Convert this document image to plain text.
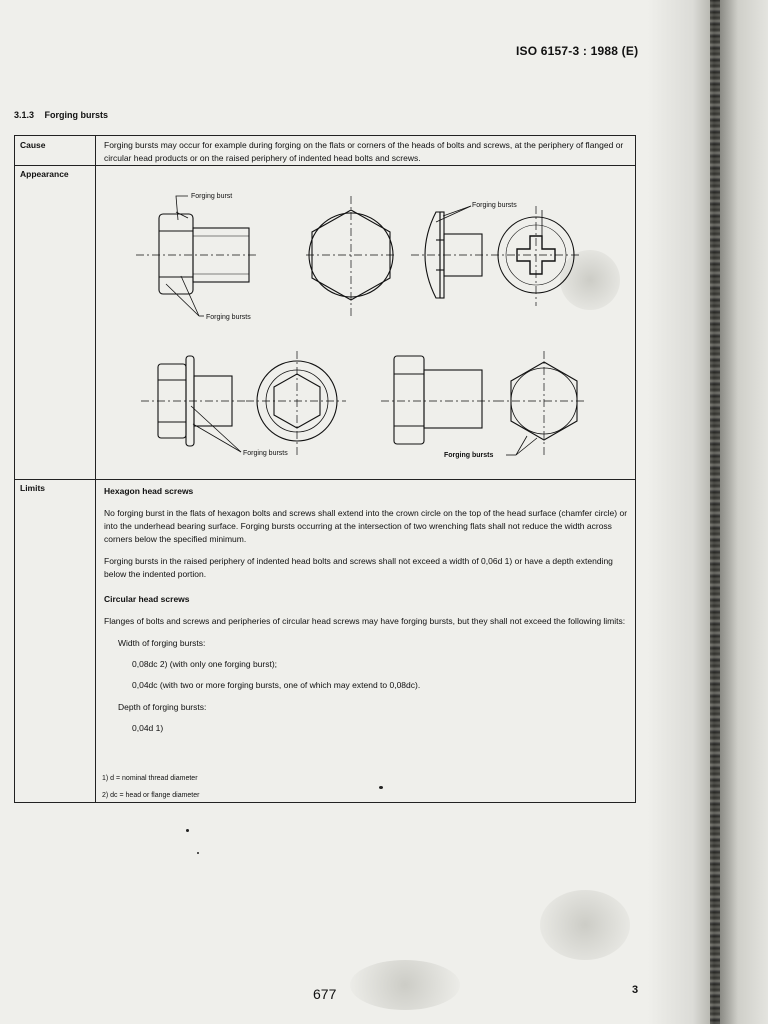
ISO 6157-3 : 1988 (E)
3.1.3 Forging bursts
Cause	Forging bursts may occur for example during forging on the flats or corners of the heads of bolts and screws, at the periphery of flanged or circular head products or on the raised periphery of indented head bolts and screws.
Appearance
Forging burst
Forging bursts
Forging bursts
Forging bursts	Forging bursts
Limits	Hexagon head screws

No forging burst in the flats of hexagon bolts and screws shall extend into the crown circle on the top of the head surface (chamfer circle) or into the underhead bearing surface. Forging bursts occurring at the intersection of two wrenching flats shall not reduce the width across corners below the specified minimum.

Forging bursts in the raised periphery of indented head bolts and screws shall not exceed a width of 0,06d 1) or have a depth extending below the indented portion.

Circular head screws

Flanges of bolts and screws and peripheries of circular head screws may have forging bursts, but they shall not exceed the following limits:

Width of forging bursts:

0,08dc 2) (with only one forging burst);

0,04dc (with two or more forging bursts, one of which may extend to 0,08dc).

Depth of forging bursts:

0,04d 1)

1) d = nominal thread diameter
2) dc = head or flange diameter
677	3
